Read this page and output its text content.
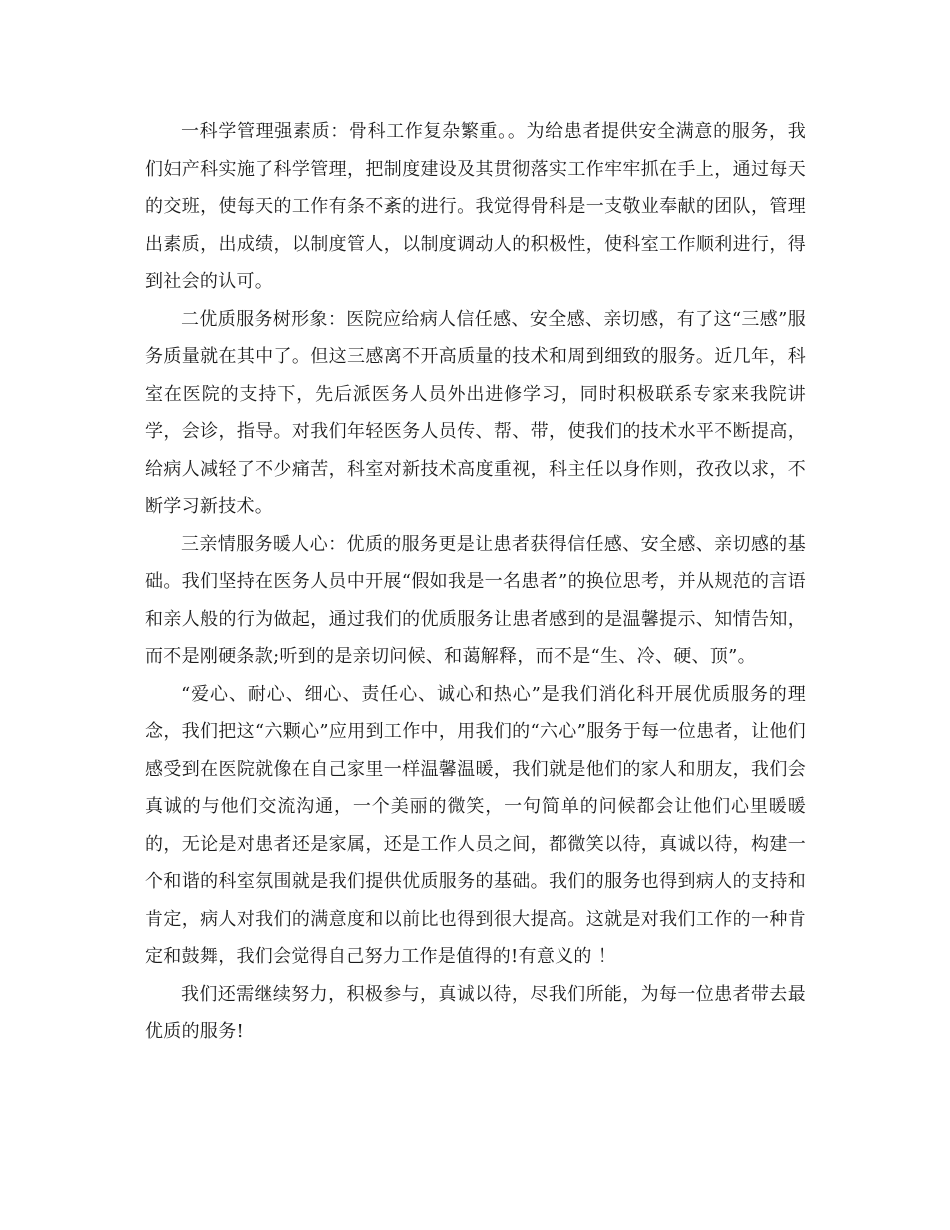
一科学管理强素质：骨科工作复杂繁重。。为给患者提供安全满意的服务，我们妇产科实施了科学管理，把制度建设及其贯彻落实工作牢牢抓在手上，通过每天的交班，使每天的工作有条不紊的进行。我觉得骨科是一支敬业奉献的团队，管理出素质，出成绩，以制度管人，以制度调动人的积极性，使科室工作顺利进行，得到社会的认可。

二优质服务树形象：医院应给病人信任感、安全感、亲切感，有了这“三感”服务质量就在其中了。但这三感离不开高质量的技术和周到细致的服务。近几年，科室在医院的支持下，先后派医务人员外出进修学习，同时积极联系专家来我院讲学，会诊，指导。对我们年轻医务人员传、帮、带，使我们的技术水平不断提高，给病人减轻了不少痛苦，科室对新技术高度重视，科主任以身作则，孜孜以求，不断学习新技术。

三亲情服务暖人心：优质的服务更是让患者获得信任感、安全感、亲切感的基础。我们坚持在医务人员中开展“假如我是一名患者”的换位思考，并从规范的言语和亲人般的行为做起，通过我们的优质服务让患者感到的是温馨提示、知情告知，而不是刚硬条款;听到的是亲切问候、和蔼解释，而不是“生、冷、硬、顶”。

“爱心、耐心、细心、责任心、诚心和热心”是我们消化科开展优质服务的理念，我们把这“六颗心”应用到工作中，用我们的“六心”服务于每一位患者，让他们感受到在医院就像在自己家里一样温馨温暖，我们就是他们的家人和朋友，我们会真诚的与他们交流沟通，一个美丽的微笑，一句简单的问候都会让他们心里暖暖的，无论是对患者还是家属，还是工作人员之间，都微笑以待，真诚以待，构建一个和谐的科室氛围就是我们提供优质服务的基础。我们的服务也得到病人的支持和肯定，病人对我们的满意度和以前比也得到很大提高。这就是对我们工作的一种肯定和鼓舞，我们会觉得自己努力工作是值得的!有意义的 ！

我们还需继续努力，积极参与，真诚以待，尽我们所能，为每一位患者带去最优质的服务!
